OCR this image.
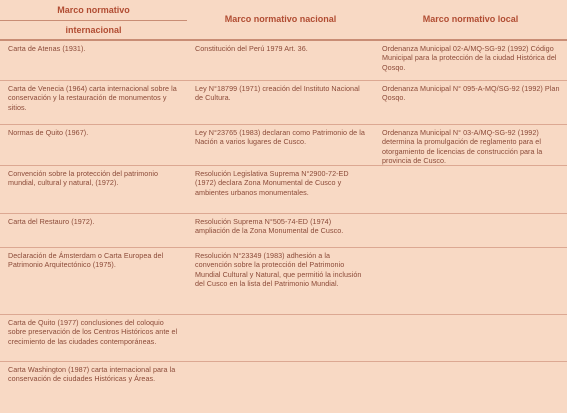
Marco normativo	Marco normativo nacional	Marco normativo local
internacional		
Carta de Atenas (1931).	Constitución del Perú 1979 Art. 36.	Ordenanza Municipal 02-A/MQ-SG-92 (1992) Código Municipal para la protección de la ciudad Histórica del Qosqo.
Carta de Venecia (1964) carta internacional sobre la conservación y la restauración de monumentos y sitios.	Ley N°18799 (1971) creación del Instituto Nacional de Cultura.	Ordenanza Municipal N° 095-A-MQ/SG-92 (1992) Plan Qosqo.
Normas de Quito (1967).	Ley N°23765 (1983) declaran como Patrimonio de la Nación a varios lugares de Cusco.	Ordenanza Municipal N° 03-A/MQ-SG-92 (1992) determina la promulgación de reglamento para el otorgamiento de licencias de construcción para la provincia de Cusco.
Convención sobre la protección del patrimonio mundial, cultural y natural, (1972).	Resolución Legislativa Suprema N°2900-72-ED (1972) declara Zona Monumental de Cusco y ambientes urbanos monumentales.	
Carta del Restauro (1972).	Resolución Suprema N°505-74-ED (1974) ampliación de la Zona Monumental de Cusco.	
Declaración de Ámsterdam o Carta Europea del Patrimonio Arquitectónico (1975).	Resolución N°23349 (1983) adhesión a la convención sobre la protección del Patrimonio Mundial Cultural y Natural, que permitió la inclusión del Cusco en la lista del Patrimonio Mundial.	
Carta de Quito (1977) conclusiones del coloquio sobre preservación de los Centros Históricos ante el crecimiento de las ciudades contemporáneas.		
Carta Washington (1987) carta internacional para la conservación de ciudades Históricas y Áreas.		
